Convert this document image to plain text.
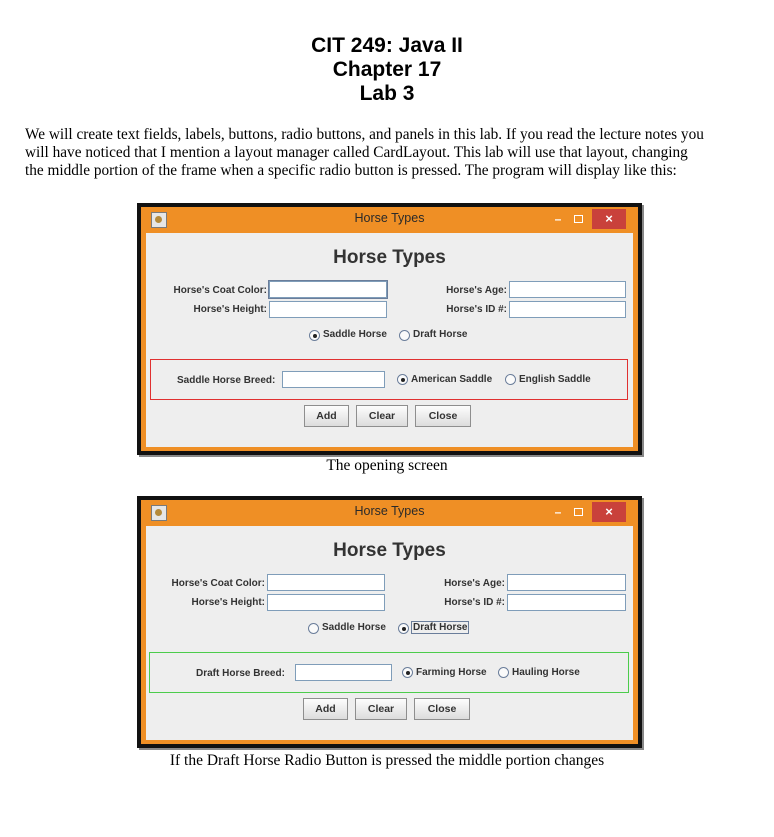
CIT 249: Java II
Chapter 17
Lab 3

We will create text fields, labels, buttons, radio buttons, and panels in this lab. If you read the lecture notes you

will have noticed that I mention a layout manager called CardLayout. This lab will use that layout, changing

the middle portion of the frame when a specific radio button is pressed. The program will display like this:

Horse Types	–	×
Horse Types
Horse's Coat Color:
Horse's Height:
Horse's Age:
Horse's ID #:
Saddle Horse	Draft Horse
Saddle Horse Breed:	American Saddle	English Saddle
Add	Clear	Close
The opening screen
Horse Types	–	×
Horse Types
Horse's Coat Color:
Horse's Height:
Horse's Age:
Horse's ID #:
Saddle Horse	Draft Horse
Draft Horse Breed:	Farming Horse	Hauling Horse
Add	Clear	Close
If the Draft Horse Radio Button is pressed the middle portion changes
